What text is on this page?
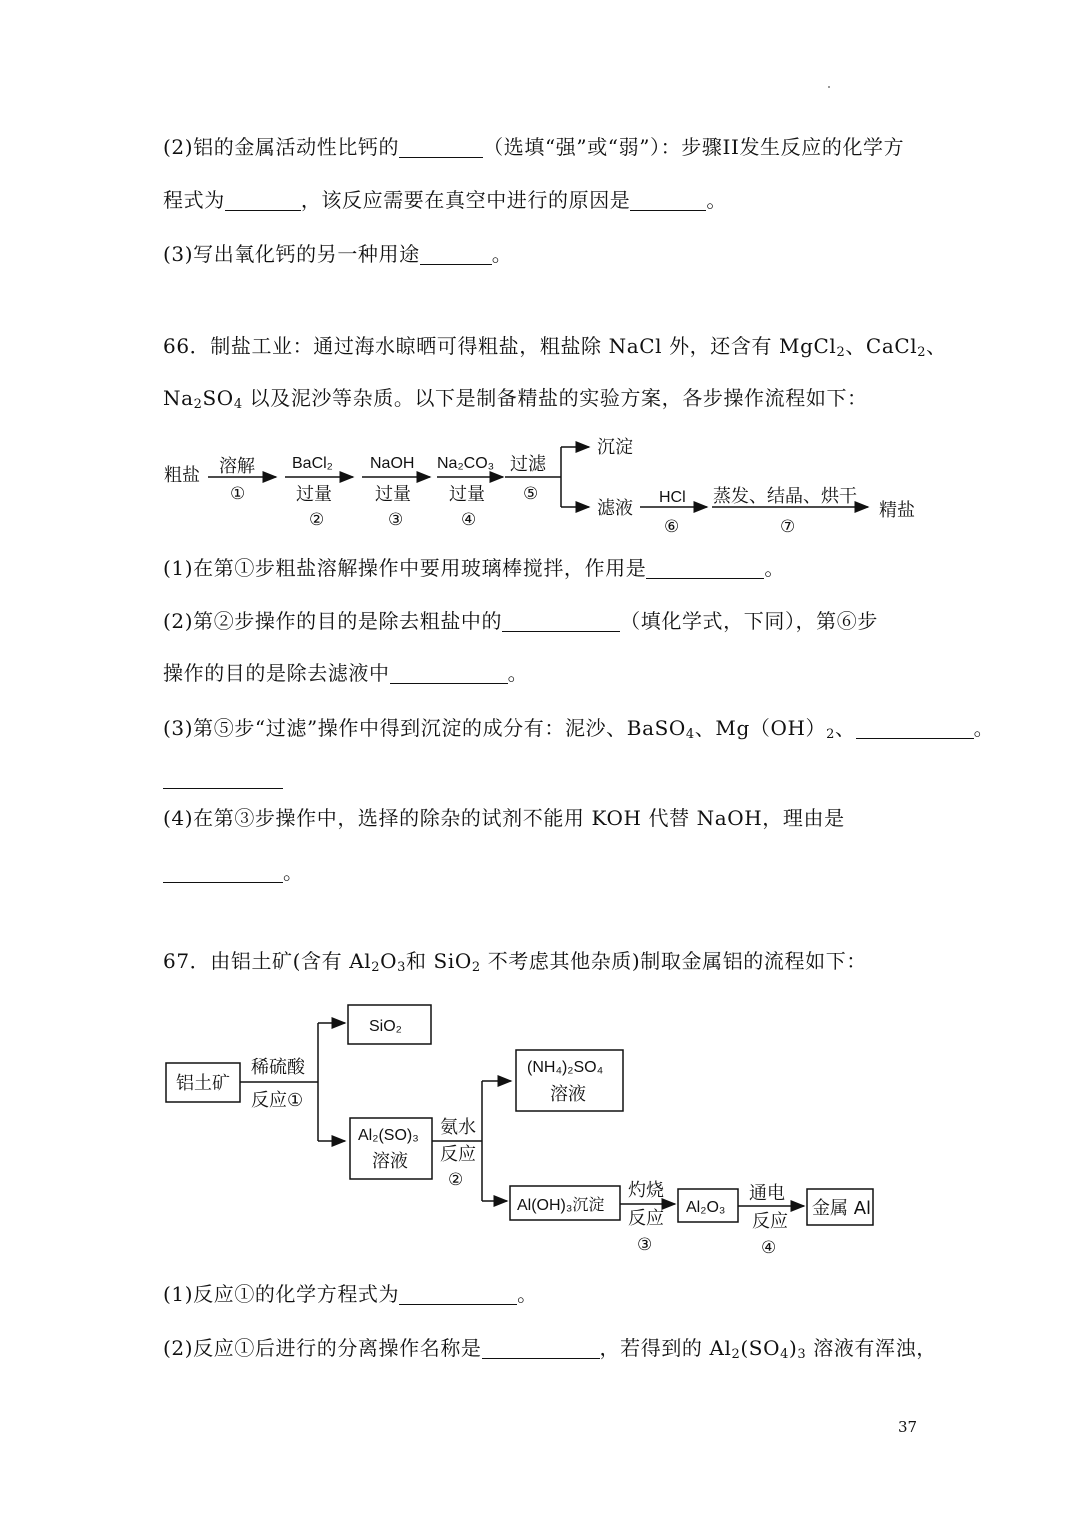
(2)铝的金属活动性比钙的	（选填“强”或“弱”）：步骤II发生反应的化学方
程式为	，该反应需要在真空中进行的原因是	。
(3)写出氧化钙的另一种用途	。
66．制盐工业：通过海水晾晒可得粗盐，粗盐除 NaCl 外，还含有 MgCl$_2$、CaCl$_2$、
$Na_2SO_4$ 以及泥沙等杂质。以下是制备精盐的实验方案，各步操作流程如下：
粗盐 溶解
①
BaCl₂
过量
②
NaOH
过量
③
Na₂CO₃
过量
④
过滤
⑤
沉淀
滤液
HCl
⑥
蒸发、结晶、烘干
⑦
精盐
铝土矿
稀硫酸
反应①
SiO₂
Al₂(SO)₃
溶液
氨水
反应
②
(NH₄)₂SO₄
溶液
Al(OH)₃沉淀
灼烧
反应
③
Al₂O₃
通电
反应
④
金属 Al
(1)在第①步粗盐溶解操作中要用玻璃棒搅拌，作用是	。
(2)第②步操作的目的是除去粗盐中的	（填化学式，下同），第⑥步
操作的目的是除去滤液中	。
(3)第⑤步“过滤”操作中得到沉淀的成分有：泥沙、BaSO$_4$、$Mg(OH)_2$、	。
(4)在第③步操作中，选择的除杂的试剂不能用 KOH 代替 NaOH，理由是
。
67．由铝土矿(含有 $Al_2O_3$和 SiO$_2$ 不考虑其他杂质)制取金属铝的流程如下：
(1)反应①的化学方程式为	。
(2)反应①后进行的分离操作名称是	，若得到的 $Al_2(SO_4)_3$ 溶液有浑浊，
37
